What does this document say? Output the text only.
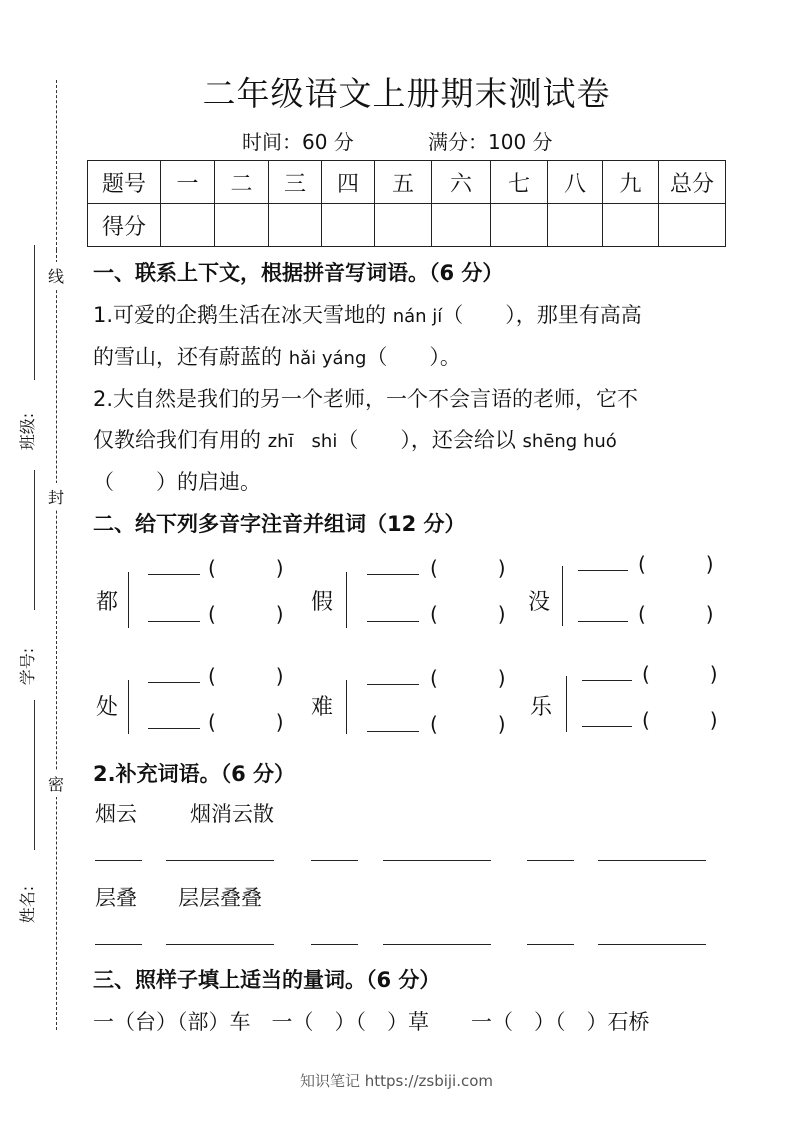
线
封
密
班级:
学号:
姓名:
二年级语文上册期末测试卷
时间：60 分	满分：100 分
题号	一	二	三	四	五	六	七	八	九	总分
得分										
一、联系上下文，根据拼音写词语。（6 分）
1.可爱的企鹅生活在冰天雪地的 nán jí（　　），那里有高高
的雪山，还有蔚蓝的 hǎi yáng（　　）。
2.大自然是我们的另一个老师，一个不会言语的老师，它不
仅教给我们有用的 zhī　shi（　　），还会给以 shēng huó
（　　）的启迪。
二、给下列多音字注音并组词（12 分）
都
(　　　)
(　　　) 假
(　　　)
(　　　) 没
(　　　)
(　　　)
处
(　　　)
(　　　)
难
(　　　)
(　　　)
乐
(　　　)
(　　　)
2.补充词语。（6 分）
烟云	烟消云散
层叠 层层叠叠
三、照样子填上适当的量词。（6 分）
一（台）（部）车　一（　）（　）草　　一（　）（　）石桥
知识笔记 https://zsbiji.com
